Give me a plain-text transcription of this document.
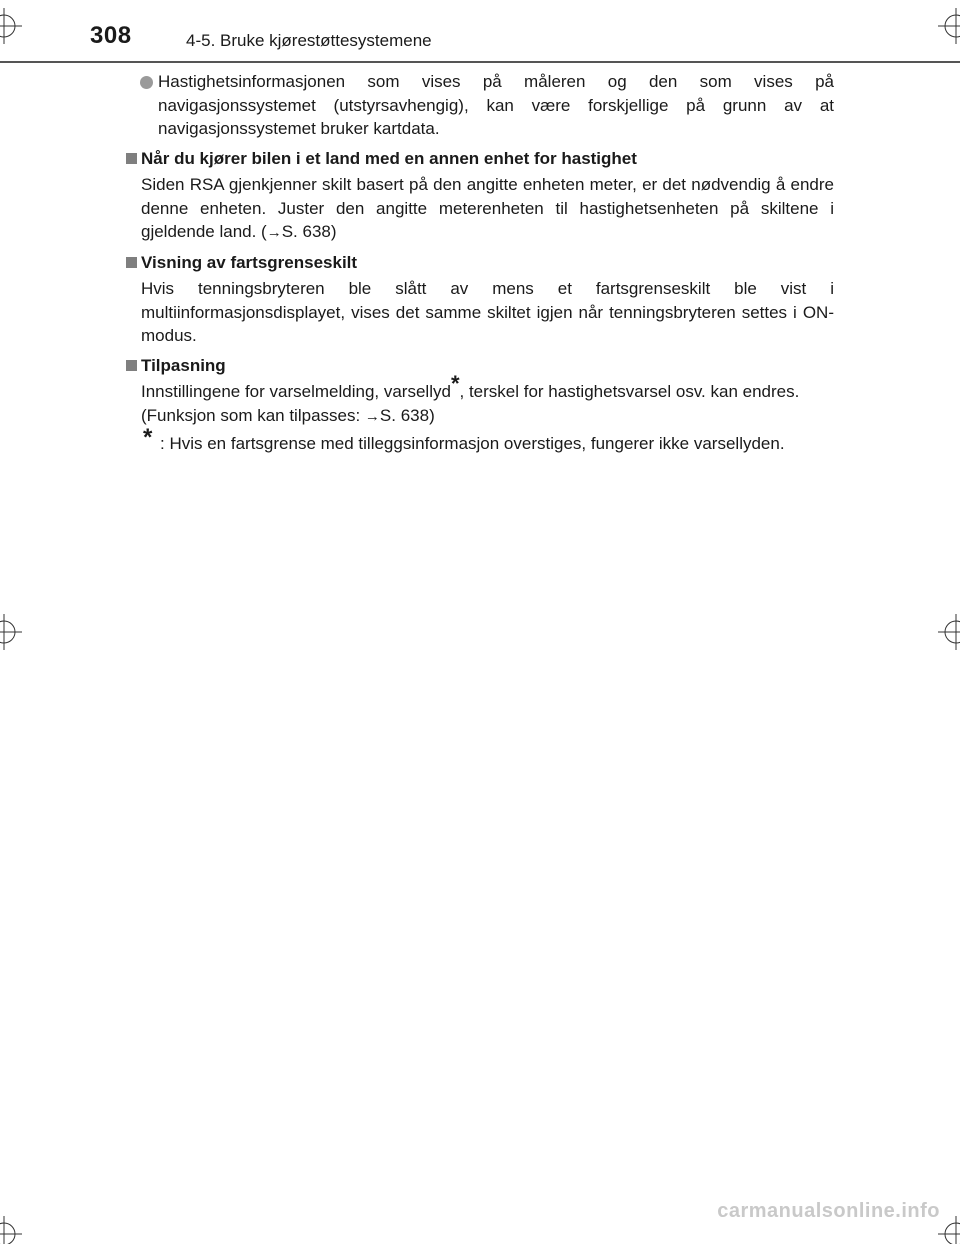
308	4-5. Bruke kjørestøttesystemene
Hastighetsinformasjonen som vises på måleren og den som vises på navigasjonssystemet (utstyrsavhengig), kan være forskjellige på grunn av at navigasjonssystemet bruker kartdata.
Når du kjører bilen i et land med en annen enhet for hastighet
Siden RSA gjenkjenner skilt basert på den angitte enheten meter, er det nødvendig å endre denne enheten. Juster den angitte meterenheten til hastighetsenheten på skiltene i gjeldende land. (→S. 638)
Visning av fartsgrenseskilt
Hvis tenningsbryteren ble slått av mens et fartsgrenseskilt ble vist i multiinformasjonsdisplayet, vises det samme skiltet igjen når tenningsbryteren settes i ON-modus.
Tilpasning
Innstillingene for varselmelding, varsellyd*, terskel for hastighetsvarsel osv. kan endres.
(Funksjon som kan tilpasses: →S. 638)
* : Hvis en fartsgrense med tilleggsinformasjon overstiges, fungerer ikke varsellyden.
carmanualsonline.info
